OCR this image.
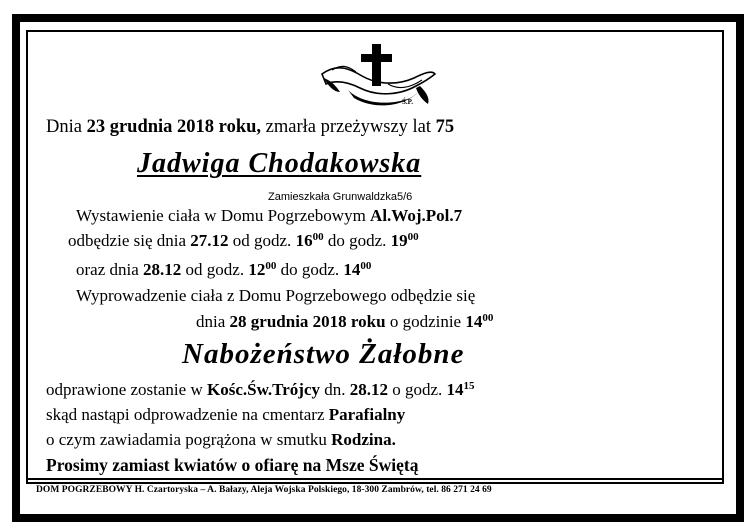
Ś.P.
Dnia 23 grudnia 2018 roku, zmarła przeżywszy lat 75
Jadwiga Chodakowska
Zamieszkała Grunwaldzka5/6
Wystawienie ciała w Domu Pogrzebowym Al.Woj.Pol.7
odbędzie się dnia 27.12 od godz. $16^{00}$ do godz. $19^{00}$
oraz dnia 28.12 od godz. $12^{00}$ do godz. $14^{00}$
Wyprowadzenie ciała z Domu Pogrzebowego odbędzie się
dnia 28 grudnia 2018 roku o godzinie $14^{00}$
Nabożeństwo Żałobne
odprawione zostanie w Kośc.Św.Trójcy dn. 28.12 o godz. $14^{15}$
skąd nastąpi odprowadzenie na cmentarz Parafialny
o czym zawiadamia pogrążona w smutku Rodzina.
Prosimy zamiast kwiatów o ofiarę na Msze Świętą
DOM POGRZEBOWY H. Czartoryska – A. Bałazy, Aleja Wojska Polskiego, 18-300 Zambrów, tel. 86 271 24 69
